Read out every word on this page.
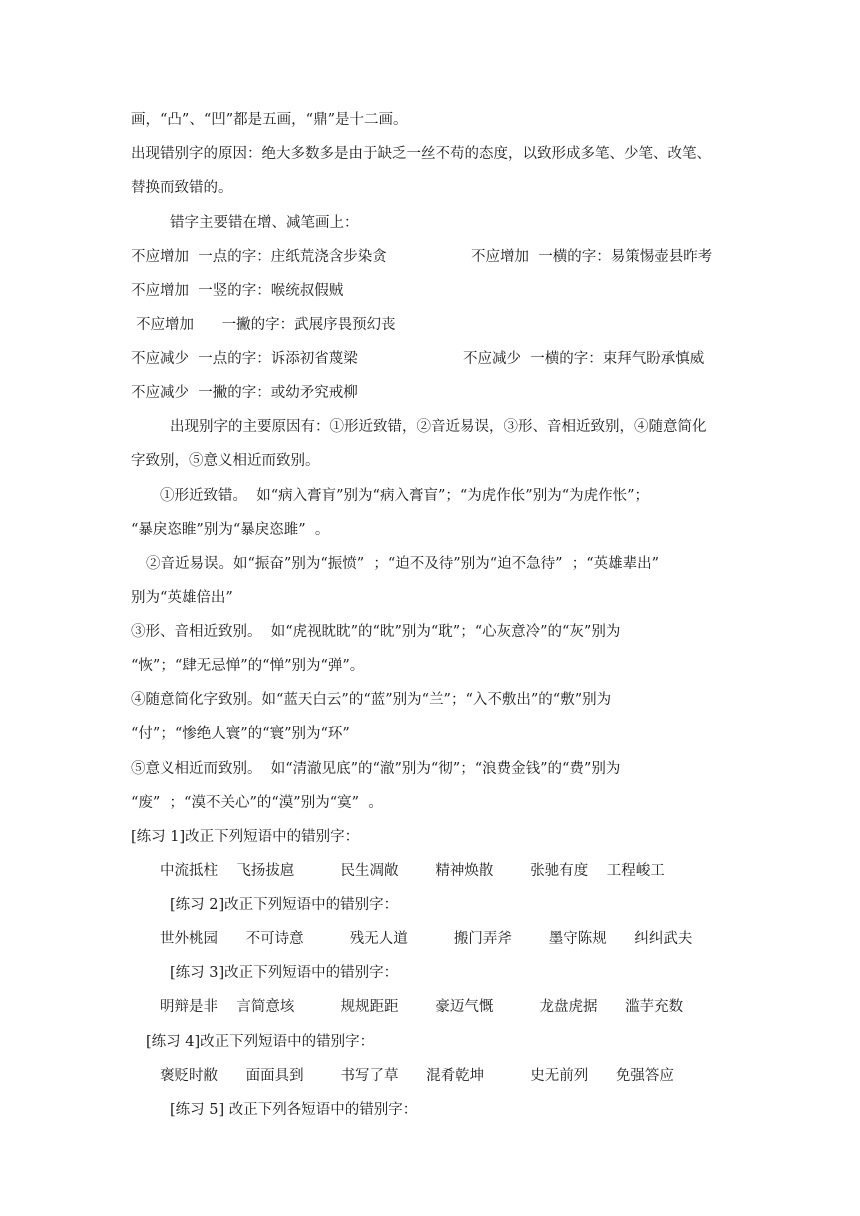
画，“凸”、“凹”都是五画，“鼎”是十二画。
出现错别字的原因：绝大多数多是由于缺乏一丝不苟的态度，以致形成多笔、少笔、改笔、
替换而致错的。
错字主要错在增、减笔画上：
不应增加  一点的字：庄纸荒浇含步染贪	不应增加  一横的字：易策惕壶县昨考
不应增加  一竖的字：喉统叔假贼
不应增加      一撇的字：武展序畏预幻丧
不应减少  一点的字：诉添初省蔑梁	不应减少  一横的字：束拜气盼承慎威
不应减少  一撇的字：或幼矛究戒柳
出现别字的主要原因有：①形近致错，②音近易误，③形、音相近致别，④随意简化
字致别，⑤意义相近而致别。
①形近致错。  如“病入膏肓”别为“病入膏盲”；“为虎作伥”别为“为虎作怅”；
“暴戾恣睢”别为“暴戾恣雎”  。
②音近易误。如“振奋”别为“振愤”  ；“迫不及待”别为“迫不急待”  ；“英雄辈出”
别为“英雄倍出”
③形、音相近致别。  如“虎视眈眈”的“眈”别为“耽”；“心灰意冷”的“灰”别为
“恢”；“肆无忌惮”的“惮”别为“弹”。
④随意简化字致别。如“蓝天白云”的“蓝”别为“兰”；“入不敷出”的“敷”别为
“付”；“惨绝人寰”的“寰”别为“环”
⑤意义相近而致别。  如“清澈见底”的“澈”别为“彻”；“浪费金钱”的“费”别为
“废”  ；“漠不关心”的“漠”别为“寞”  。
[练习 1]改正下列短语中的错别字：
中流抵柱    飞扬拔扈          民生凋敞        精神焕散        张驰有度    工程峻工
[练习 2]改正下列短语中的错别字：
世外桃园      不可诗意          残无人道          搬门弄斧        墨守陈规      纠纠武夫
[练习 3]改正下列短语中的错别字：
明辩是非    言简意垓          规规距距        豪迈气慨          龙盘虎据      滥芋充数
[练习 4]改正下列短语中的错别字：
褒贬时敝      面面具到        书写了草      混肴乾坤          史无前列      免强答应
[练习 5] 改正下列各短语中的错别字：
